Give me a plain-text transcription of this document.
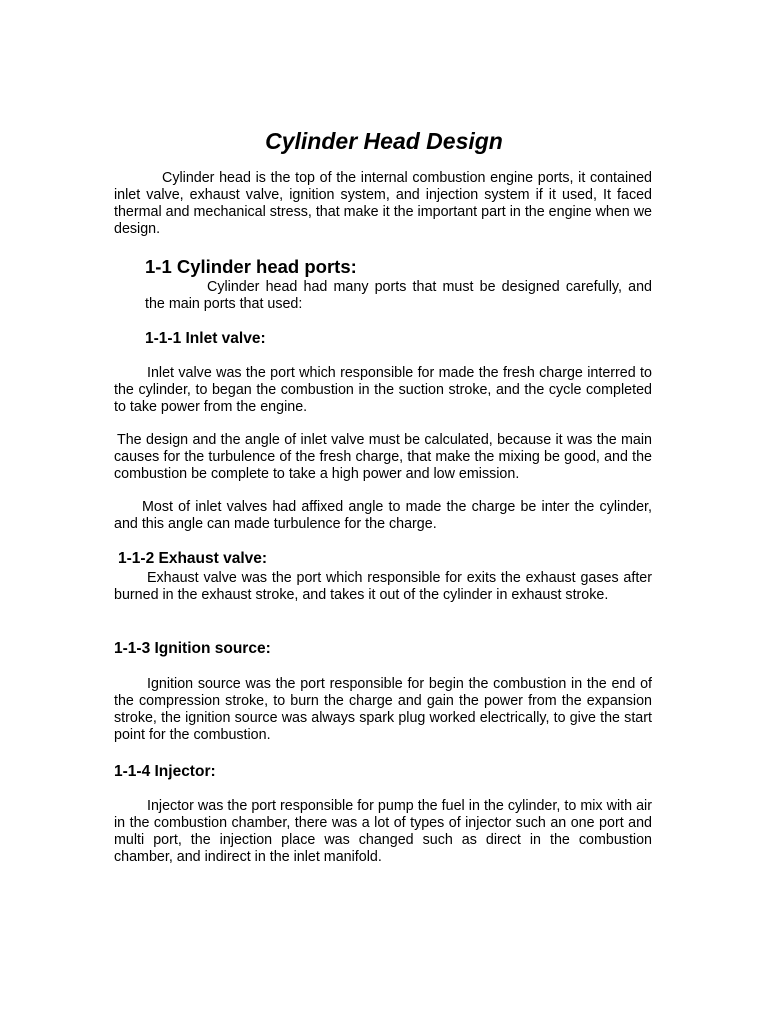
Cylinder Head Design

Cylinder head is the top of the internal combustion engine ports, it contained inlet valve, exhaust valve, ignition system, and injection system if it used, It faced thermal and mechanical stress, that make it the important part in the engine when we design.

1-1 Cylinder head ports:

Cylinder head had many ports that must be designed carefully, and the main ports that used:

1-1-1 Inlet valve:

Inlet valve was the port which responsible for made the fresh charge interred to the cylinder, to began the combustion in the suction stroke, and the cycle completed to take power from the engine.

The design and the angle of inlet valve must be calculated, because it was the main causes for the turbulence of the fresh charge, that make the mixing be good, and the combustion be complete to take a high power and low emission.

Most of inlet valves had affixed angle to made the charge be inter the cylinder, and this angle can made turbulence for the charge.

1-1-2 Exhaust valve:

Exhaust valve was the port which responsible for exits the exhaust gases after burned in the exhaust stroke, and takes it out of the cylinder in exhaust stroke.

1-1-3 Ignition source:

Ignition source was the port responsible for begin the combustion in the end of the compression stroke, to burn the charge and gain the power from the expansion stroke, the ignition source was always spark plug worked electrically, to give the start point for the combustion.

1-1-4 Injector:

Injector was the port responsible for pump the fuel in the cylinder, to mix with air in the combustion chamber, there was a lot of types of injector such an one port and multi port, the injection place was changed such as direct in the combustion chamber, and indirect in the inlet manifold.
